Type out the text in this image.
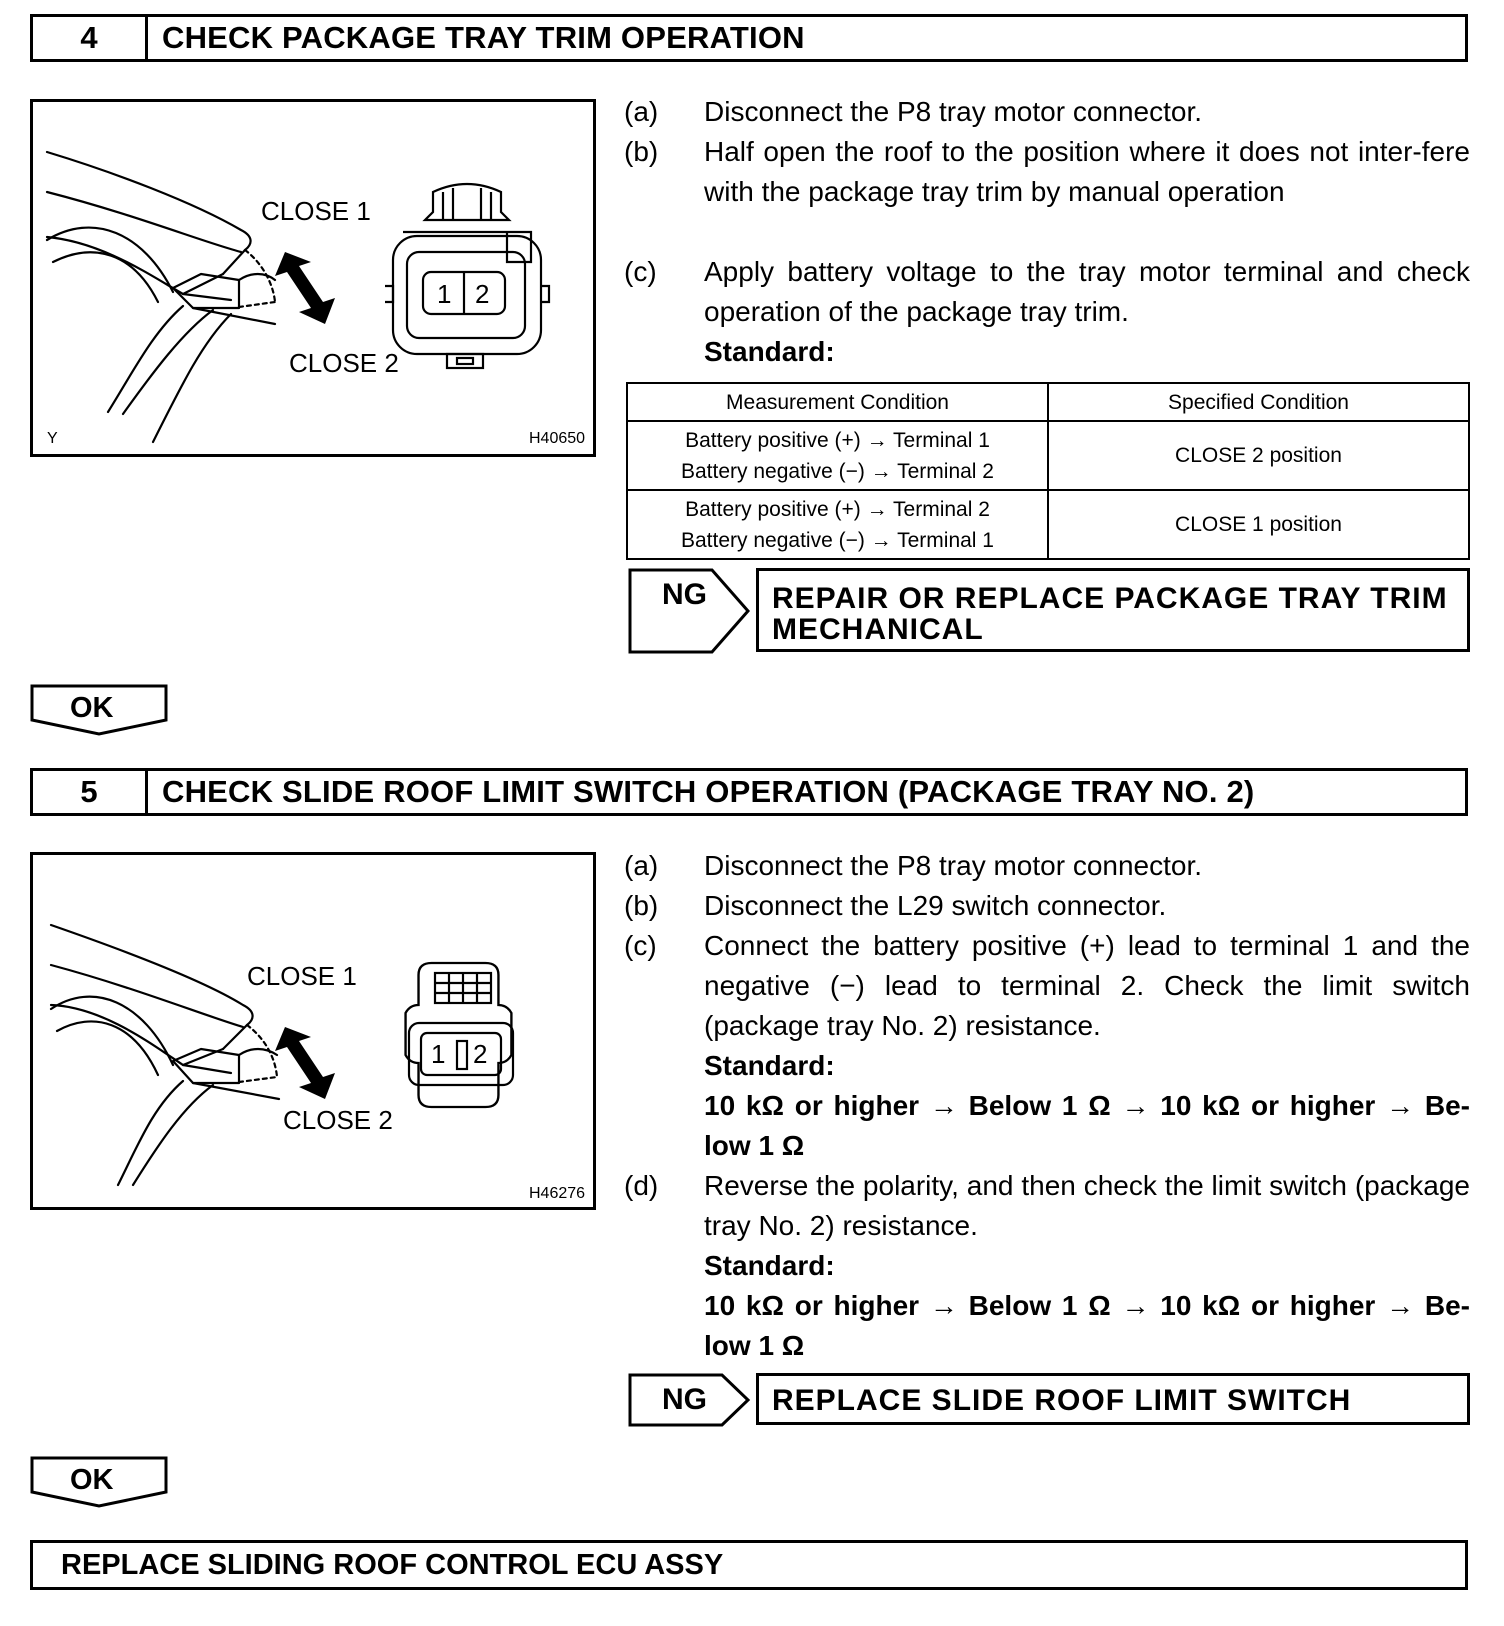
4	CHECK PACKAGE TRAY TRIM OPERATION
CLOSE 1
CLOSE 2
1 2
Y	H40650
(a)	Disconnect the P8 tray motor connector.
(b)	Half open the roof to the position where it does not inter-fere with the package tray trim by manual operation
(c)	Apply battery voltage to the tray motor terminal and check operation of the package tray trim.
Standard:
Measurement Condition	Specified Condition

Battery positive (+) → Terminal 1
Battery negative (−) → Terminal 2	CLOSE 2 position

Battery positive (+) → Terminal 2
Battery negative (−) → Terminal 1	CLOSE 1 position
NG REPAIR OR REPLACE PACKAGE TRAY TRIM
MECHANICAL
OK
5	CHECK SLIDE ROOF LIMIT SWITCH OPERATION (PACKAGE TRAY NO. 2)
CLOSE 1
CLOSE 2
1 2
H46276
(a)	Disconnect the P8 tray motor connector.
(b)	Disconnect the L29 switch connector.
(c)	Connect the battery positive (+) lead to terminal 1 and the negative (−) lead to terminal 2. Check the limit switch (package tray No. 2) resistance.
Standard:
10 kΩ or higher → Below 1 Ω → 10 kΩ or higher → Be-low 1 Ω
(d)	Reverse the polarity, and then check the limit switch (package tray No. 2) resistance.
Standard:
10 kΩ or higher → Below 1 Ω → 10 kΩ or higher → Be-low 1 Ω
NG	REPLACE SLIDE ROOF LIMIT SWITCH
OK
REPLACE SLIDING ROOF CONTROL ECU ASSY
